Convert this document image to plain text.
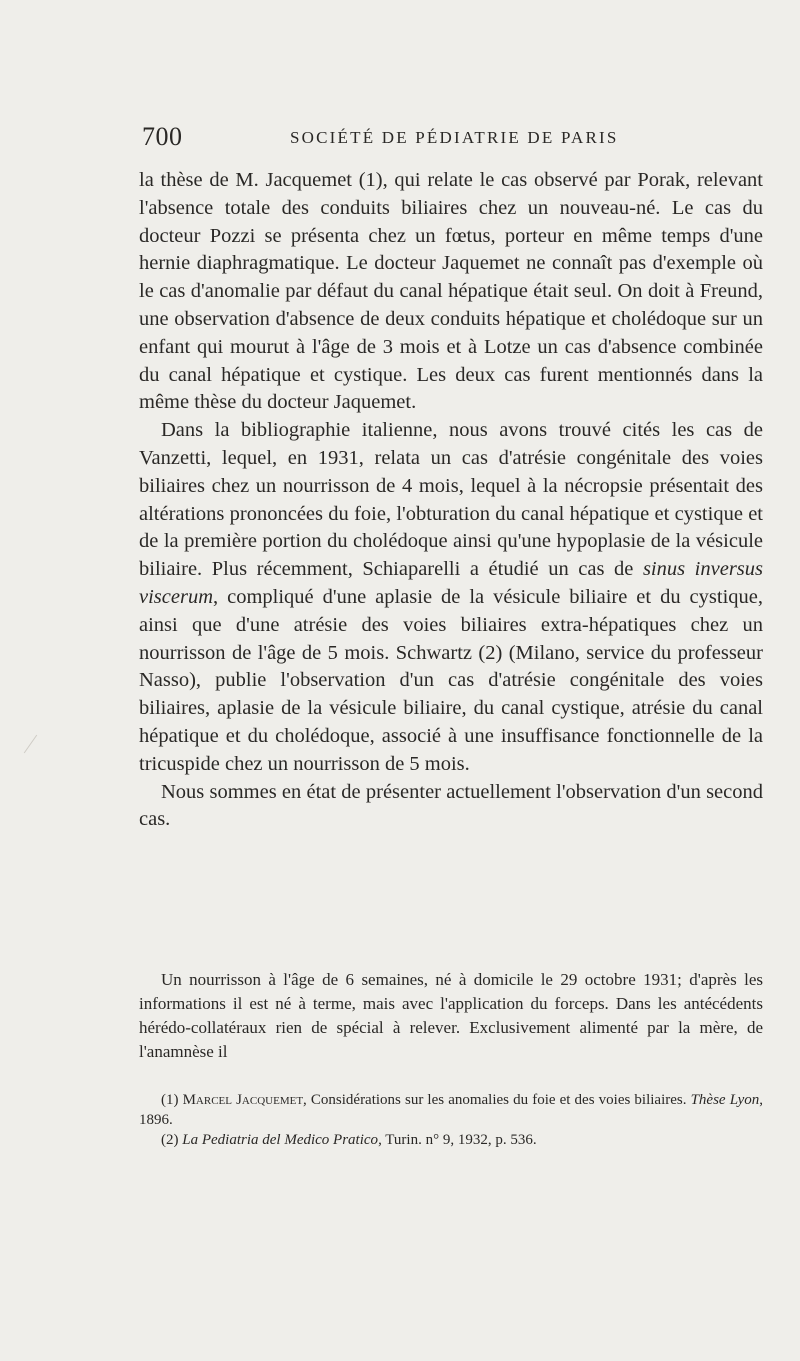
700	SOCIÉTÉ DE PÉDIATRIE DE PARIS

la thèse de M. Jacquemet (1), qui relate le cas observé par Porak, relevant l'absence totale des conduits biliaires chez un nouveau-né. Le cas du docteur Pozzi se présenta chez un fœtus, porteur en même temps d'une hernie diaphragmatique. Le docteur Jaquemet ne connaît pas d'exemple où le cas d'anomalie par défaut du canal hépatique était seul. On doit à Freund, une observation d'absence de deux conduits hépatique et cholédoque sur un enfant qui mourut à l'âge de 3 mois et à Lotze un cas d'absence combinée du canal hépatique et cystique. Les deux cas furent mentionnés dans la même thèse du docteur Jaquemet.

Dans la bibliographie italienne, nous avons trouvé cités les cas de Vanzetti, lequel, en 1931, relata un cas d'atrésie congénitale des voies biliaires chez un nourrisson de 4 mois, lequel à la nécropsie présentait des altérations prononcées du foie, l'obturation du canal hépatique et cystique et de la première portion du cholédoque ainsi qu'une hypoplasie de la vésicule biliaire. Plus récemment, Schiaparelli a étudié un cas de sinus inversus viscerum, compliqué d'une aplasie de la vésicule biliaire et du cystique, ainsi que d'une atrésie des voies biliaires extra-hépatiques chez un nourrisson de l'âge de 5 mois. Schwartz (2) (Milano, service du professeur Nasso), publie l'observation d'un cas d'atrésie congénitale des voies biliaires, aplasie de la vésicule biliaire, du canal cystique, atrésie du canal hépatique et du cholédoque, associé à une insuffisance fonctionnelle de la tricuspide chez un nourrisson de 5 mois.

Nous sommes en état de présenter actuellement l'observation d'un second cas.

Un nourrisson à l'âge de 6 semaines, né à domicile le 29 octobre 1931; d'après les informations il est né à terme, mais avec l'application du forceps. Dans les antécédents hérédo-collatéraux rien de spécial à relever. Exclusivement alimenté par la mère, de l'anamnèse il

(1) Marcel Jacquemet, Considérations sur les anomalies du foie et des voies biliaires. Thèse Lyon, 1896.

(2) La Pediatria del Medico Pratico, Turin. n° 9, 1932, p. 536.
